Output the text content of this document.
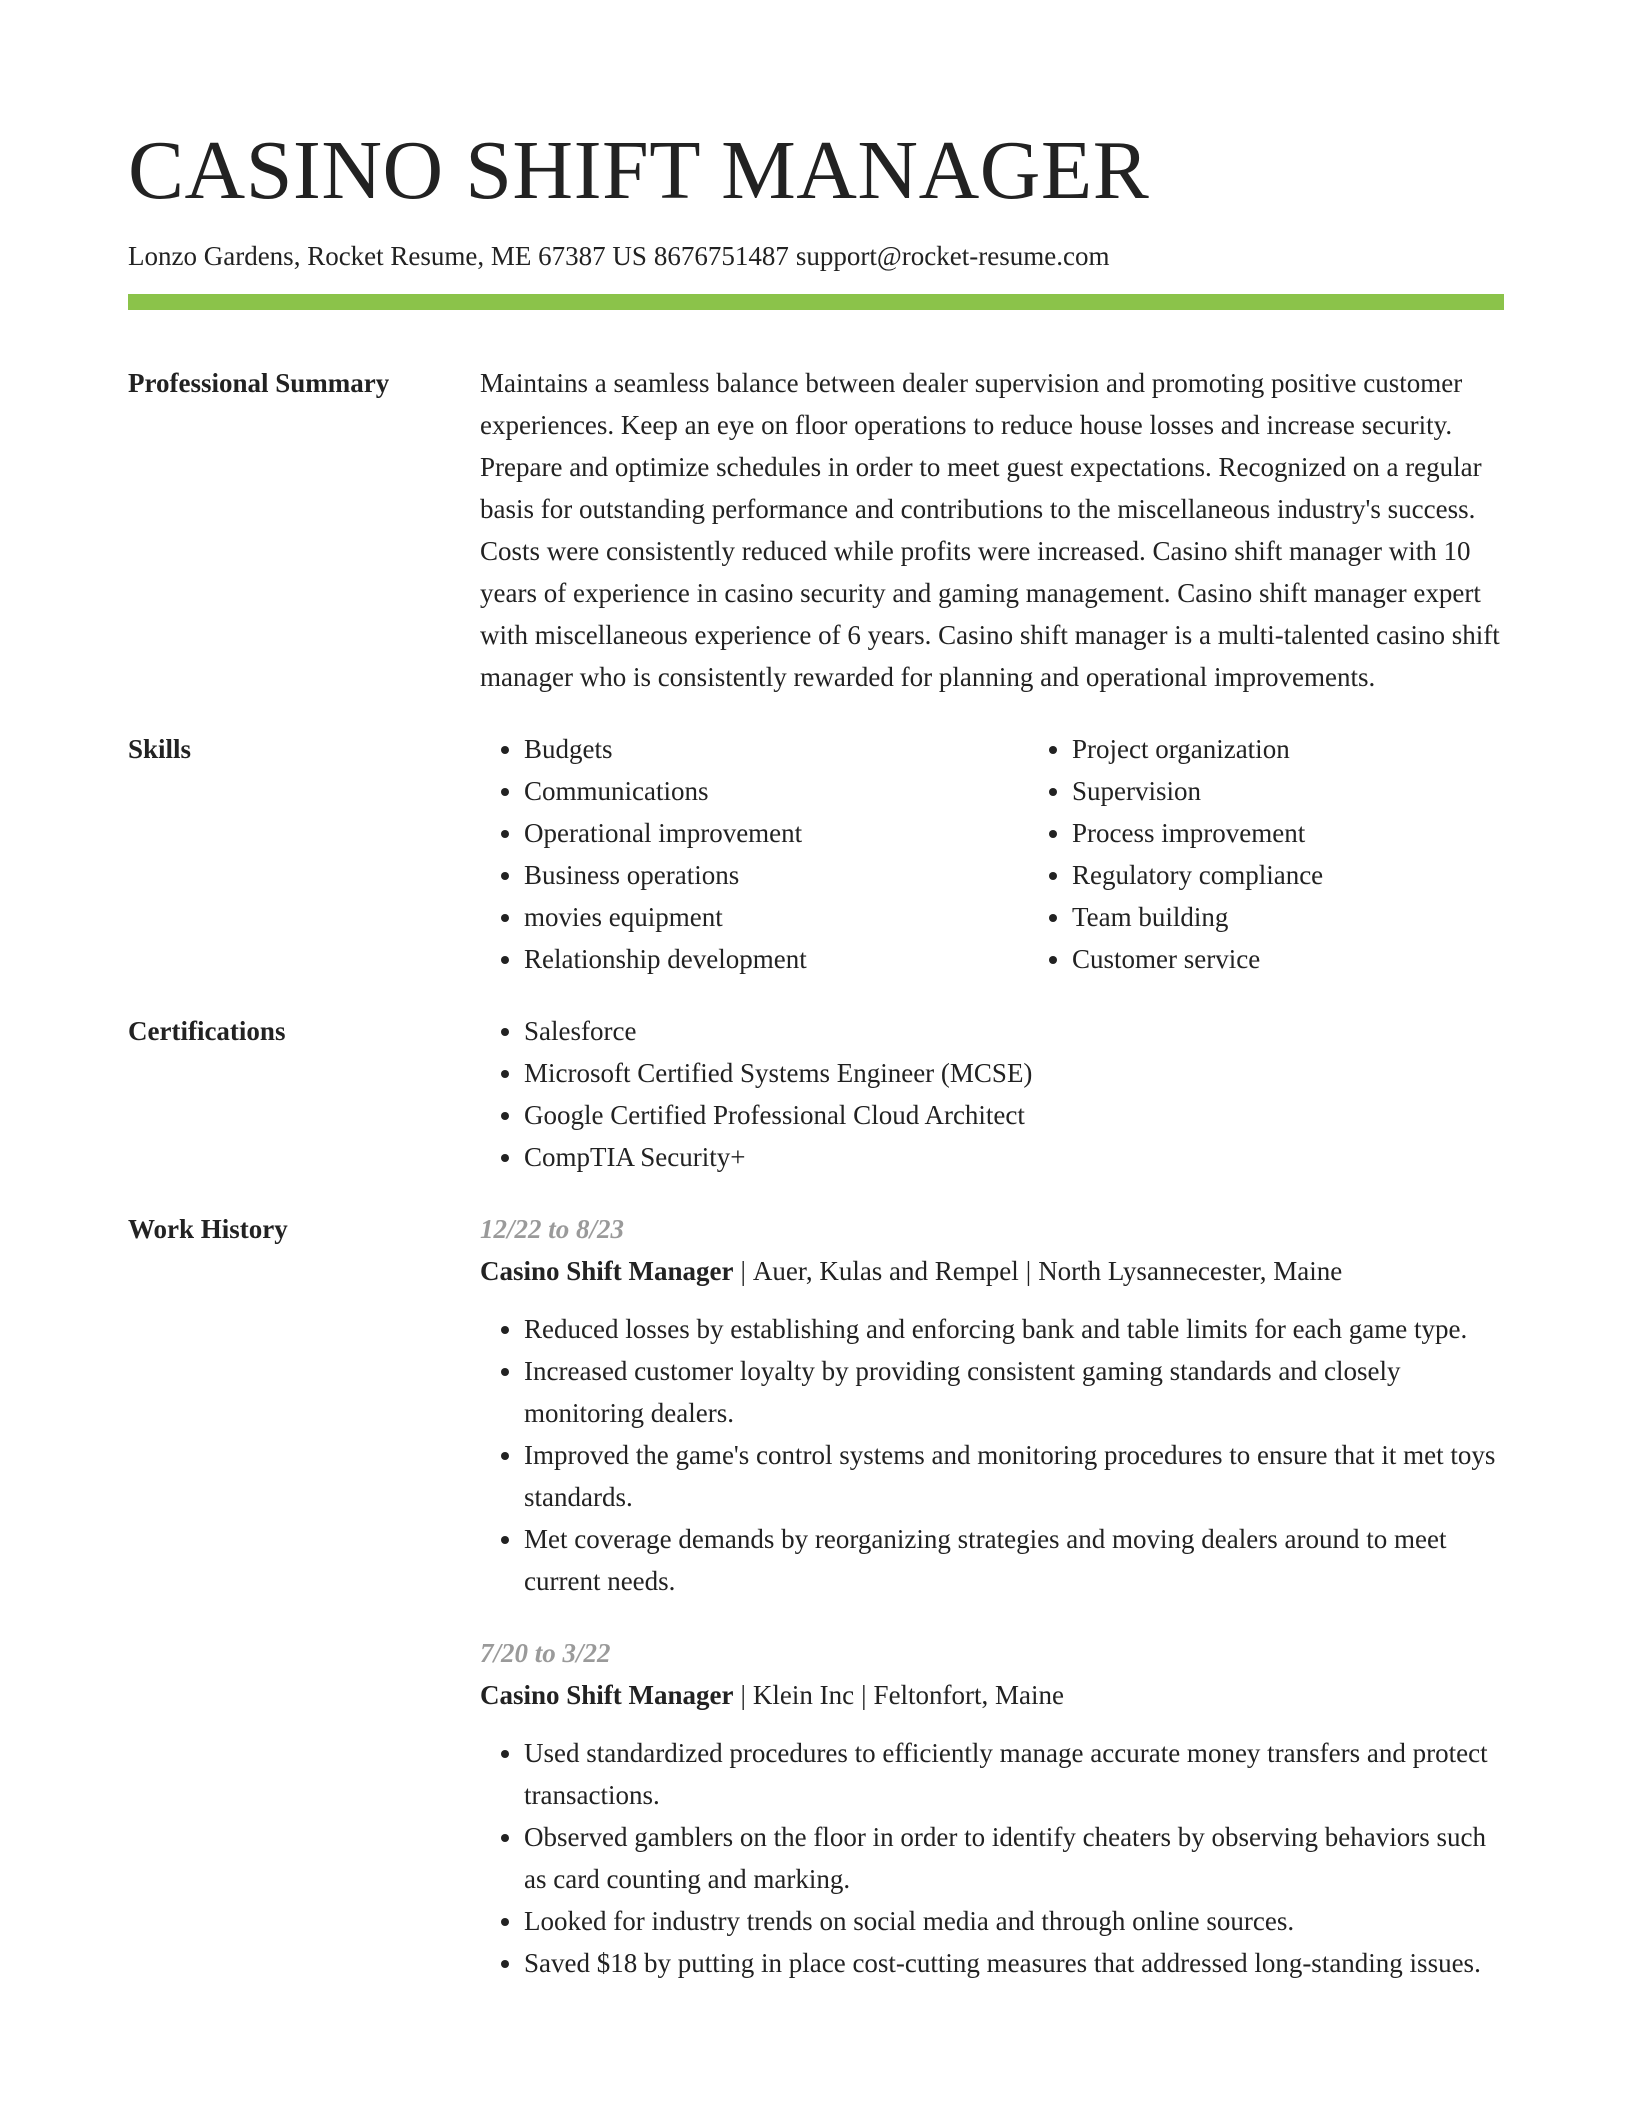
CASINO SHIFT MANAGER
Lonzo Gardens, Rocket Resume, ME 67387 US 8676751487 support@rocket-resume.com
Professional Summary	Maintains a seamless balance between dealer supervision and promoting positive customer experiences. Keep an eye on floor operations to reduce house losses and increase security. Prepare and optimize schedules in order to meet guest expectations. Recognized on a regular basis for outstanding performance and contributions to the miscellaneous industry's success. Costs were consistently reduced while profits were increased. Casino shift manager with 10 years of experience in casino security and gaming management. Casino shift manager expert with miscellaneous experience of 6 years. Casino shift manager is a multi-talented casino shift manager who is consistently rewarded for planning and operational improvements.

Skills	• Budgets
• Communications
• Operational improvement
• Business operations
• movies equipment
• Relationship development
• Project organization
• Supervision
• Process improvement
• Regulatory compliance
• Team building
• Customer service
Certifications	• Salesforce
• Microsoft Certified Systems Engineer (MCSE)
• Google Certified Professional Cloud Architect
• CompTIA Security+
Work History	12/22 to 8/23
Casino Shift Manager | Auer, Kulas and Rempel | North Lysannecester, Maine
• Reduced losses by establishing and enforcing bank and table limits for each game type.
• Increased customer loyalty by providing consistent gaming standards and closely monitoring dealers.
• Improved the game's control systems and monitoring procedures to ensure that it met toys standards.
• Met coverage demands by reorganizing strategies and moving dealers around to meet current needs.
7/20 to 3/22
Casino Shift Manager | Klein Inc | Feltonfort, Maine
• Used standardized procedures to efficiently manage accurate money transfers and protect transactions.
• Observed gamblers on the floor in order to identify cheaters by observing behaviors such as card counting and marking.
• Looked for industry trends on social media and through online sources.
• Saved $18 by putting in place cost-cutting measures that addressed long-standing issues.
